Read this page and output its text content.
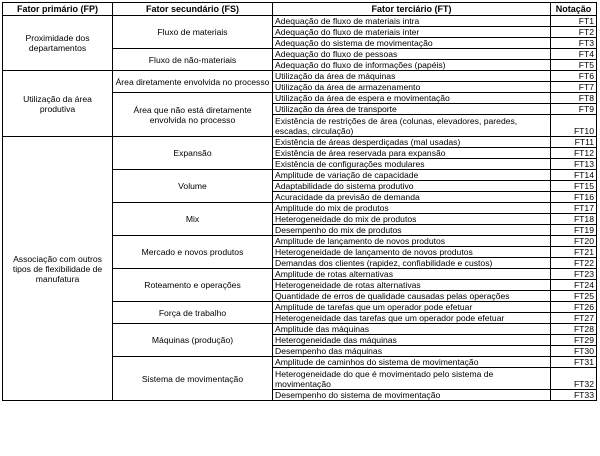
Fator primário (FP)	Fator secundário (FS)	Fator terciário (FT)	Notação
Proximidade dos departamentos	Fluxo de materiais	Adequação de fluxo de materiais intra	FT1
		Adequação do fluxo de materiais inter	FT2
		Adequação do sistema de movimentação	FT3
	Fluxo de não-materiais	Adequação do fluxo de pessoas	FT4
		Adequação do fluxo de informações (papéis)	FT5
Utilização da área produtiva	Área diretamente envolvida no processo	Utilização da área de máquinas	FT6
		Utilização da área de armazenamento	FT7
	Área que não está diretamente envolvida no processo	Utilização da área de espera e movimentação	FT8
		Utilização da área de transporte	FT9
		Existência de restrições de área (colunas, elevadores, paredes, escadas, circulação)	FT10
Associação com outros tipos de flexibilidade de manufatura	Expansão	Existência de áreas desperdiçadas (mal usadas)	FT11
		Existência de área reservada para expansão	FT12
		Existência de configurações modulares	FT13
	Volume	Amplitude de variação de capacidade	FT14
		Adaptabilidade do sistema produtivo	FT15
		Acuracidade da previsão de demanda	FT16
	Mix	Amplitude do mix de produtos	FT17
		Heterogeneidade do mix de produtos	FT18
		Desempenho do mix de produtos	FT19
	Mercado e novos produtos	Amplitude de lançamento de novos produtos	FT20
		Heterogeneidade de lançamento de novos produtos	FT21
		Demandas dos clientes (rapidez, confiabilidade e custos)	FT22
	Roteamento e operações	Amplitude de rotas alternativas	FT23
		Heterogeneidade de rotas alternativas	FT24
		Quantidade de erros de qualidade causadas pelas operações	FT25
	Força de trabalho	Amplitude de tarefas que um operador pode efetuar	FT26
		Heterogeneidade das tarefas que um operador pode efetuar	FT27
	Máquinas (produção)	Amplitude das máquinas	FT28
		Heterogeneidade das máquinas	FT29
		Desempenho das máquinas	FT30
	Sistema de movimentação	Amplitude de caminhos do sistema de movimentação	FT31
		Heterogeneidade do que é movimentado pelo sistema de movimentação	FT32
		Desempenho do sistema de movimentação	FT33
